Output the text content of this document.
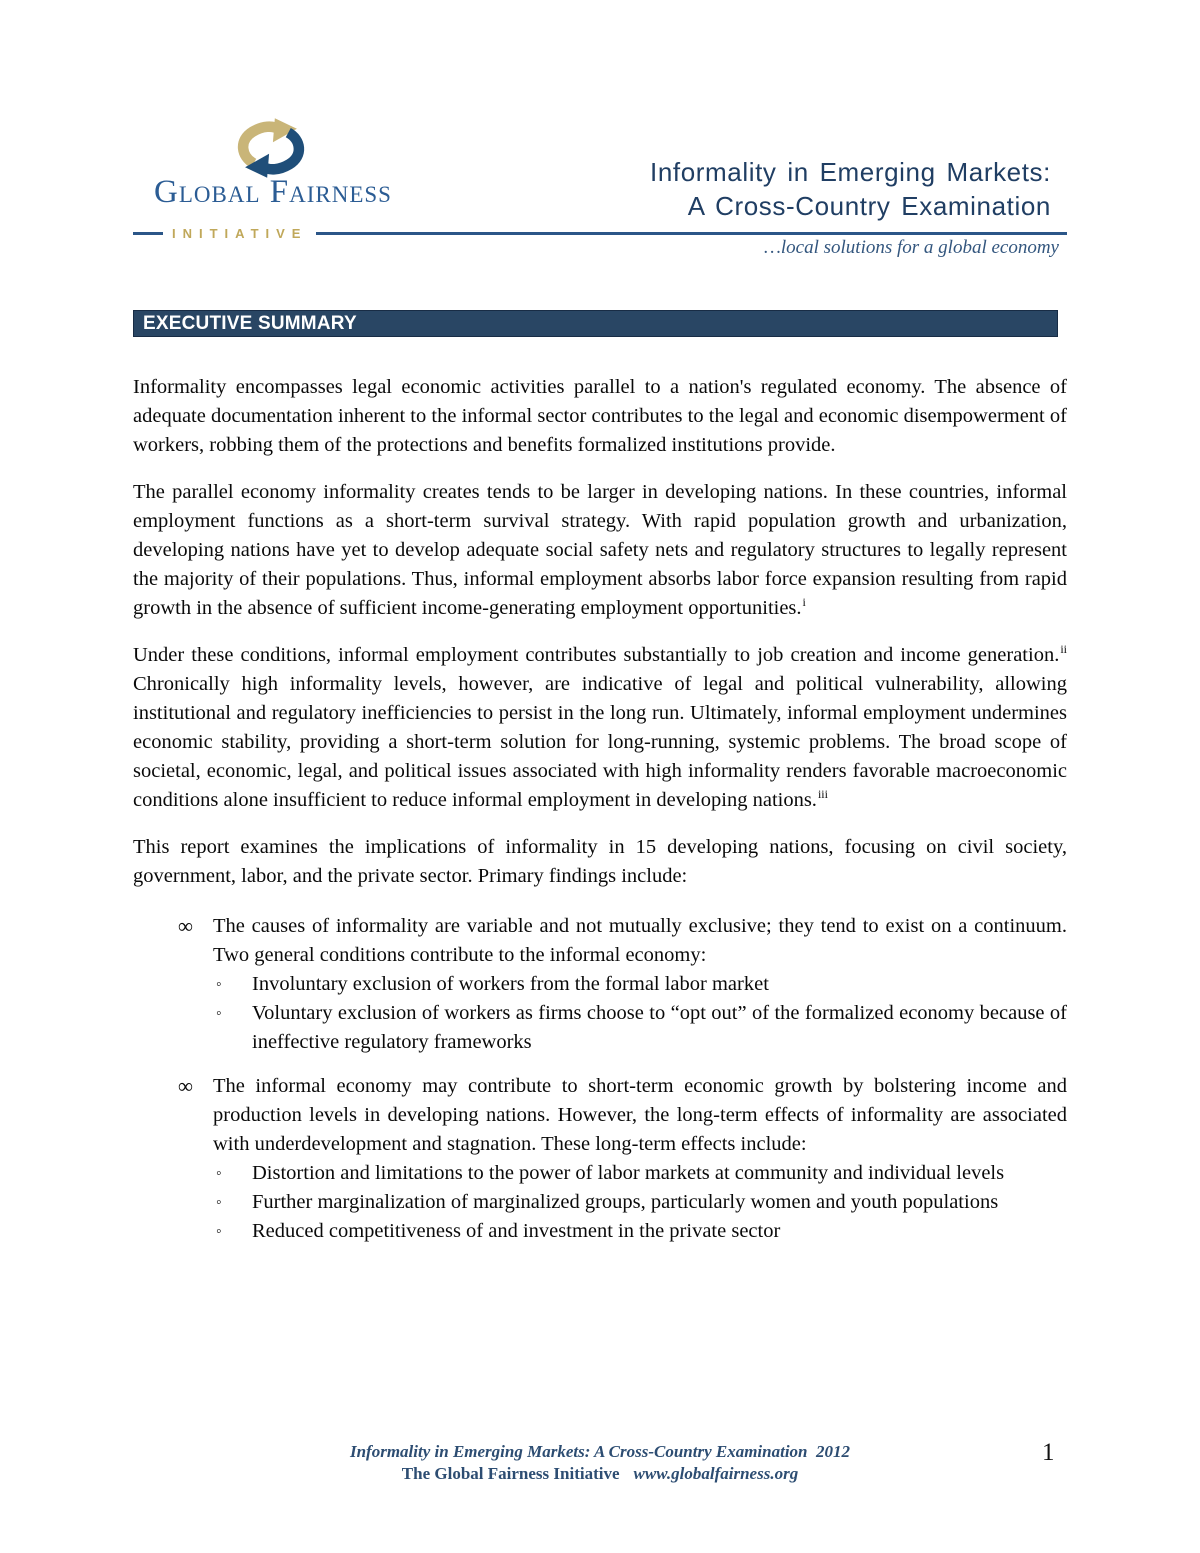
Global Fairness
INITIATIVE
Informality in Emerging Markets:
A Cross-Country Examination
…local solutions for a global economy
EXECUTIVE SUMMARY

Informality encompasses legal economic activities parallel to a nation's regulated economy. The absence of adequate documentation inherent to the informal sector contributes to the legal and economic disempowerment of workers, robbing them of the protections and benefits formalized institutions provide.

The parallel economy informality creates tends to be larger in developing nations. In these countries, informal employment functions as a short-term survival strategy. With rapid population growth and urbanization, developing nations have yet to develop adequate social safety nets and regulatory structures to legally represent the majority of their populations. Thus, informal employment absorbs labor force expansion resulting from rapid growth in the absence of sufficient income-generating employment opportunities.$^i$

Under these conditions, informal employment contributes substantially to job creation and income generation.$^{ii}$ Chronically high informality levels, however, are indicative of legal and political vulnerability, allowing institutional and regulatory inefficiencies to persist in the long run. Ultimately, informal employment undermines economic stability, providing a short-term solution for long-running, systemic problems. The broad scope of societal, economic, legal, and political issues associated with high informality renders favorable macroeconomic conditions alone insufficient to reduce informal employment in developing nations.$^{iii}$

This report examines the implications of informality in 15 developing nations, focusing on civil society, government, labor, and the private sector. Primary findings include:

∞ The causes of informality are variable and not mutually exclusive; they tend to exist on a continuum. Two general conditions contribute to the informal economy:
◦	Involuntary exclusion of workers from the formal labor market
◦	Voluntary exclusion of workers as firms choose to “opt out” of the formalized economy because of ineffective regulatory frameworks
∞ The informal economy may contribute to short-term economic growth by bolstering income and production levels in developing nations. However, the long-term effects of informality are associated with underdevelopment and stagnation. These long-term effects include:
◦	Distortion and limitations to the power of labor markets at community and individual levels
◦	Further marginalization of marginalized groups, particularly women and youth populations
◦	Reduced competitiveness of and investment in the private sector
Informality in Emerging Markets: A Cross-Country Examination  2012
The Global Fairness Initiative www.globalfairness.org
1
